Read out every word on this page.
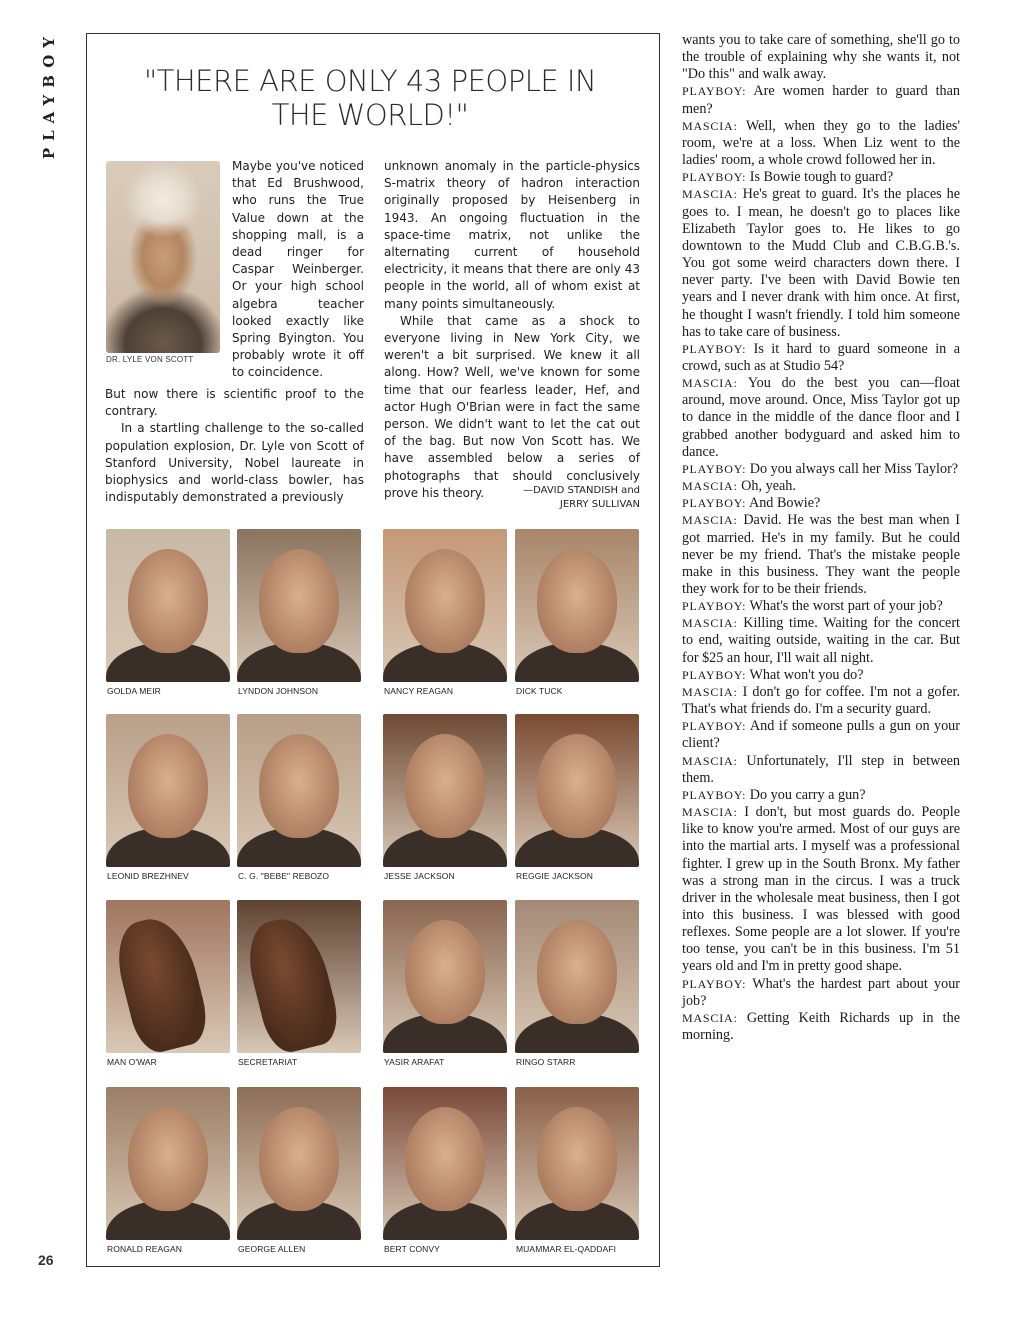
PLAYBOY
26
"THERE ARE ONLY 43 PEOPLE IN THE WORLD!"
DR. LYLE VON SCOTT
Maybe you've noticed that Ed Brushwood, who runs the True Value down at the shopping mall, is a dead ringer for Caspar Weinberger. Or your high school algebra teacher looked exactly like Spring Byington. You probably wrote it off to coincidence.

But now there is scientific proof to the contrary.

In a startling challenge to the so-called population explosion, Dr. Lyle von Scott of Stanford University, Nobel laureate in biophysics and world-class bowler, has indisputably demonstrated a previously

unknown anomaly in the particle-physics S-matrix theory of hadron interaction originally proposed by Heisenberg in 1943. An ongoing fluctuation in the space-time matrix, not unlike the alternating current of household electricity, it means that there are only 43 people in the world, all of whom exist at many points simultaneously.

While that came as a shock to everyone living in New York City, we weren't a bit surprised. We knew it all along. How? Well, we've known for some time that our fearless leader, Hef, and actor Hugh O'Brian were in fact the same person. We didn't want to let the cat out of the bag. But now Von Scott has. We have assembled below a series of photographs that should conclusively prove his theory.	—DAVID STANDISH and
JERRY SULLIVAN
GOLDA MEIR	LYNDON JOHNSON	NANCY REAGAN	DICK TUCK
LEONID BREZHNEV	C. G. "BEBE" REBOZO	JESSE JACKSON	REGGIE JACKSON
MAN O'WAR	SECRETARIAT	YASIR ARAFAT	RINGO STARR
RONALD REAGAN	GEORGE ALLEN	BERT CONVY	MUAMMAR EL-QADDAFI

wants you to take care of something, she'll go to the trouble of explaining why she wants it, not "Do this" and walk away.

PLAYBOY: Are women harder to guard than men?

MASCIA: Well, when they go to the ladies' room, we're at a loss. When Liz went to the ladies' room, a whole crowd followed her in.

PLAYBOY: Is Bowie tough to guard?

MASCIA: He's great to guard. It's the places he goes to. I mean, he doesn't go to places like Elizabeth Taylor goes to. He likes to go downtown to the Mudd Club and C.B.G.B.'s. You got some weird characters down there. I never party. I've been with David Bowie ten years and I never drank with him once. At first, he thought I wasn't friendly. I told him someone has to take care of business.

PLAYBOY: Is it hard to guard someone in a crowd, such as at Studio 54?

MASCIA: You do the best you can—float around, move around. Once, Miss Taylor got up to dance in the middle of the dance floor and I grabbed another bodyguard and asked him to dance.

PLAYBOY: Do you always call her Miss Taylor?

MASCIA: Oh, yeah.

PLAYBOY: And Bowie?

MASCIA: David. He was the best man when I got married. He's in my family. But he could never be my friend. That's the mistake people make in this business. They want the people they work for to be their friends.

PLAYBOY: What's the worst part of your job?

MASCIA: Killing time. Waiting for the concert to end, waiting outside, waiting in the car. But for $25 an hour, I'll wait all night.

PLAYBOY: What won't you do?

MASCIA: I don't go for coffee. I'm not a gofer. That's what friends do. I'm a security guard.

PLAYBOY: And if someone pulls a gun on your client?

MASCIA: Unfortunately, I'll step in between them.

PLAYBOY: Do you carry a gun?

MASCIA: I don't, but most guards do. People like to know you're armed. Most of our guys are into the martial arts. I myself was a professional fighter. I grew up in the South Bronx. My father was a strong man in the circus. I was a truck driver in the wholesale meat business, then I got into this business. I was blessed with good reflexes. Some people are a lot slower. If you're too tense, you can't be in this business. I'm 51 years old and I'm in pretty good shape.

PLAYBOY: What's the hardest part about your job?

MASCIA: Getting Keith Richards up in the morning.
